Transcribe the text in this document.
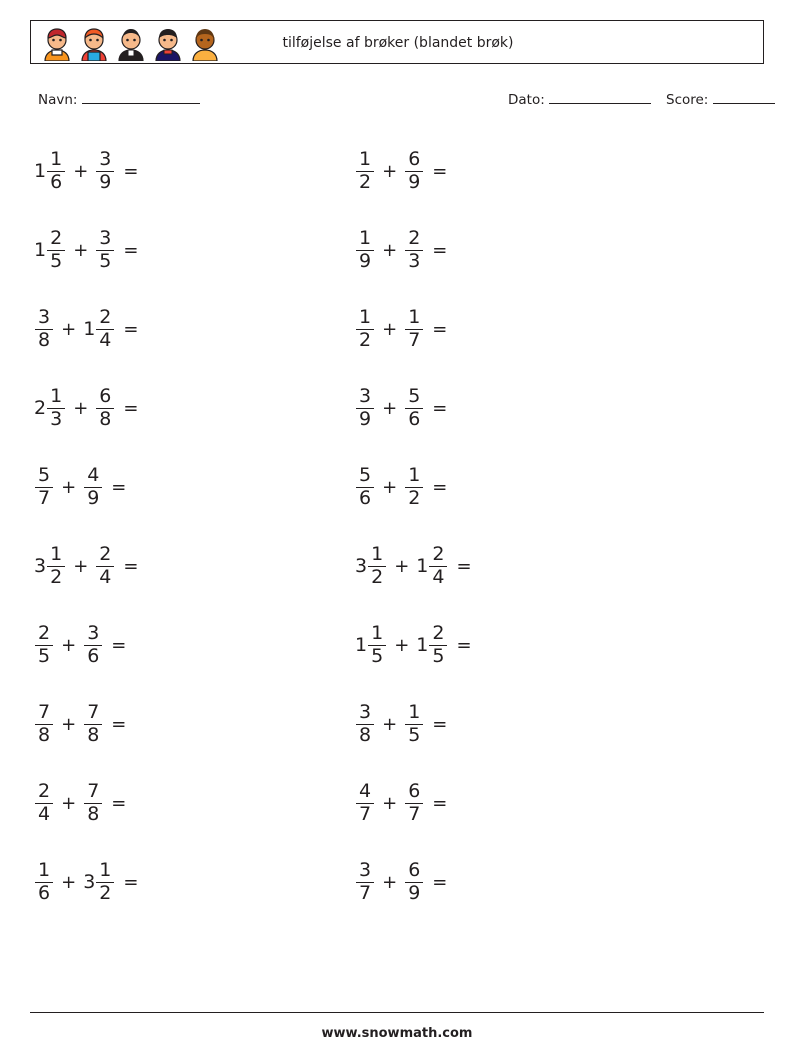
tilføjelse af brøker (blandet brøk)
Navn:	Dato:	Score:
$1 \frac{1}{6} + \frac{3}{9}$ =
$1 \frac{2}{5} + \frac{3}{5}$ =
$\frac{3}{8} + 1 \frac{2}{4}$ =
$2 \frac{1}{3} + \frac{6}{8}$ =
$\frac{5}{7} + \frac{4}{9}$ =
$3 \frac{1}{2} + \frac{2}{4}$ =
$\frac{2}{5} + \frac{3}{6}$ =
$\frac{7}{8} + \frac{7}{8}$ =
$\frac{2}{4} + \frac{7}{8}$ =
$\frac{1}{6} + 3 \frac{1}{2}$ =
$\frac{1}{2} + \frac{6}{9}$ =
$\frac{1}{9} + \frac{2}{3}$ =
$\frac{1}{2} + \frac{1}{7}$ =
$\frac{3}{9} + \frac{5}{6}$ =
$\frac{5}{6} + \frac{1}{2}$ =
$3 \frac{1}{2} + 1 \frac{2}{4}$ =
$1 \frac{1}{5} + 1 \frac{2}{5}$ =
$\frac{3}{8} + \frac{1}{5}$ =
$\frac{4}{7} + \frac{6}{7}$ =
$\frac{3}{7} + \frac{6}{9}$ =
www.snowmath.com
